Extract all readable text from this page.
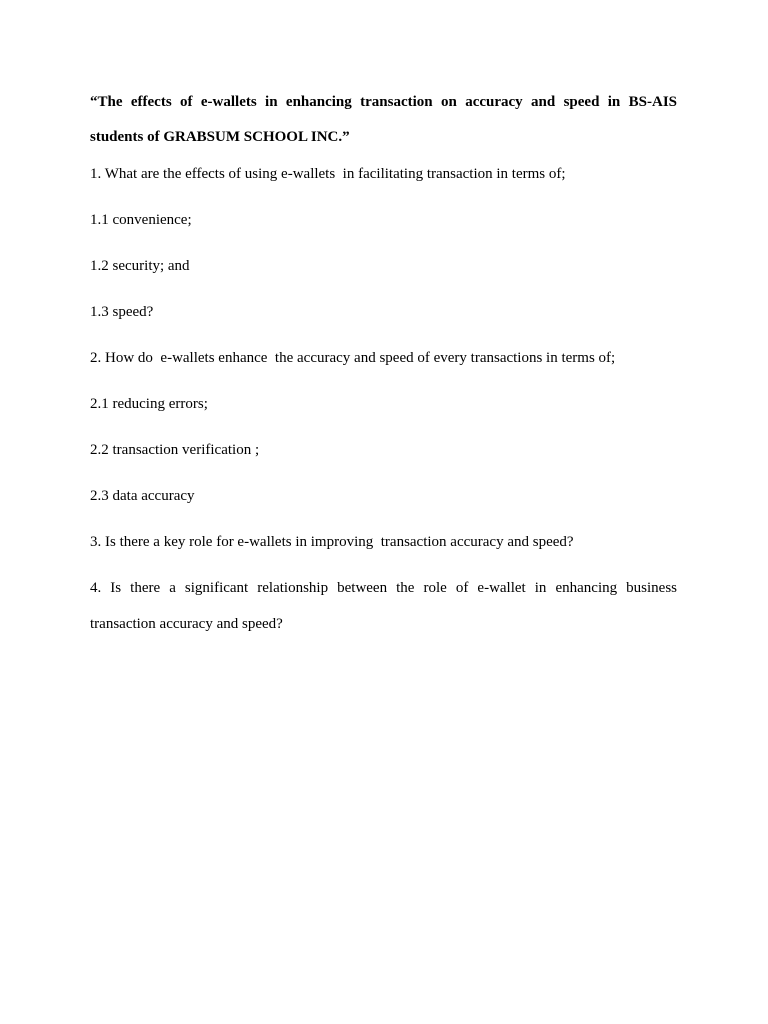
“The effects of e-wallets in enhancing transaction on accuracy and speed in BS-AIS students of GRABSUM SCHOOL INC.”

1. What are the effects of using e-wallets  in facilitating transaction in terms of;

1.1 convenience;

1.2 security; and

1.3 speed?

2. How do  e-wallets enhance  the accuracy and speed of every transactions in terms of;

2.1 reducing errors;

2.2 transaction verification ;

2.3 data accuracy

3. Is there a key role for e-wallets in improving  transaction accuracy and speed?

4. Is there a significant relationship between the role of e-wallet in enhancing business transaction accuracy and speed?
